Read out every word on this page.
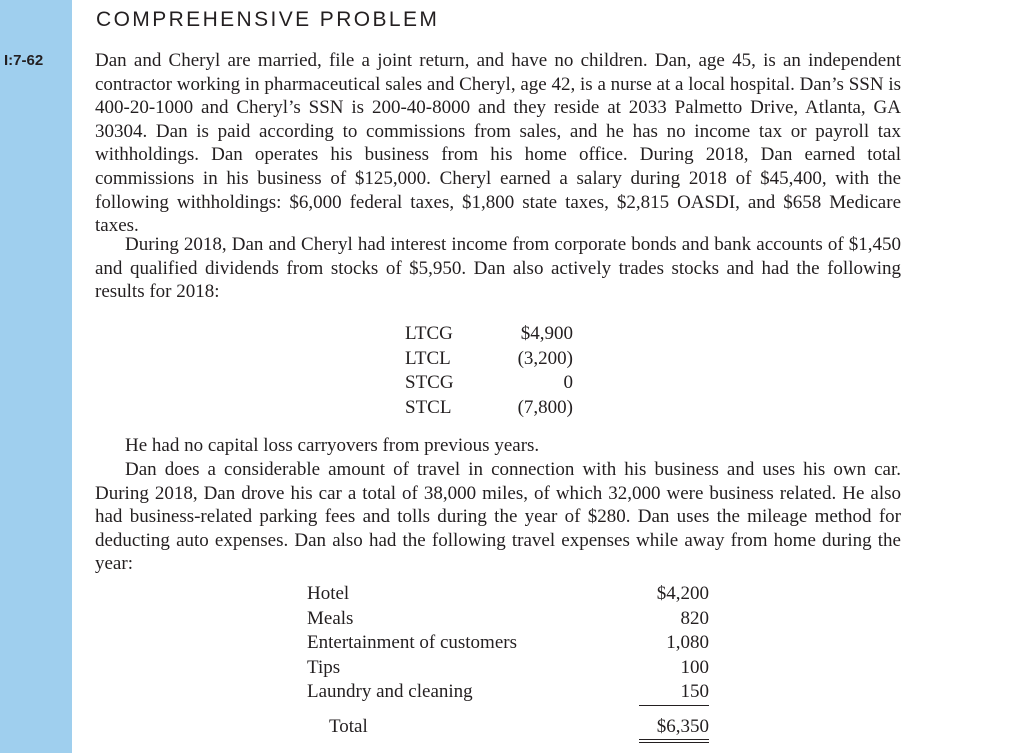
COMPREHENSIVE PROBLEM
I:7-62	Dan and Cheryl are married, file a joint return, and have no children. Dan, age 45, is an independent contractor working in pharmaceutical sales and Cheryl, age 42, is a nurse at a local hospital. Dan’s SSN is 400-20-1000 and Cheryl’s SSN is 200-40-8000 and they reside at 2033 Palmetto Drive, Atlanta, GA 30304. Dan is paid according to commissions from sales, and he has no income tax or payroll tax withholdings. Dan operates his business from his home office. During 2018, Dan earned total commissions in his business of $125,000. Cheryl earned a salary during 2018 of $45,400, with the following withholdings: $6,000 federal taxes, $1,800 state taxes, $2,815 OASDI, and $658 Medicare taxes.

During 2018, Dan and Cheryl had interest income from corporate bonds and bank accounts of $1,450 and qualified dividends from stocks of $5,950. Dan also actively trades stocks and had the following results for 2018:

LTCG	$4,900
LTCL	(3,200)
STCG	0
STCL	(7,800)

He had no capital loss carryovers from previous years.

Dan does a considerable amount of travel in connection with his business and uses his own car. During 2018, Dan drove his car a total of 38,000 miles, of which 32,000 were business related. He also had business-related parking fees and tolls during the year of $280. Dan uses the mileage method for deducting auto expenses. Dan also had the following travel expenses while away from home during the year:

Hotel	$4,200
Meals	820
Entertainment of customers	1,080
Tips	100
Laundry and cleaning	150
Total	$6,350
